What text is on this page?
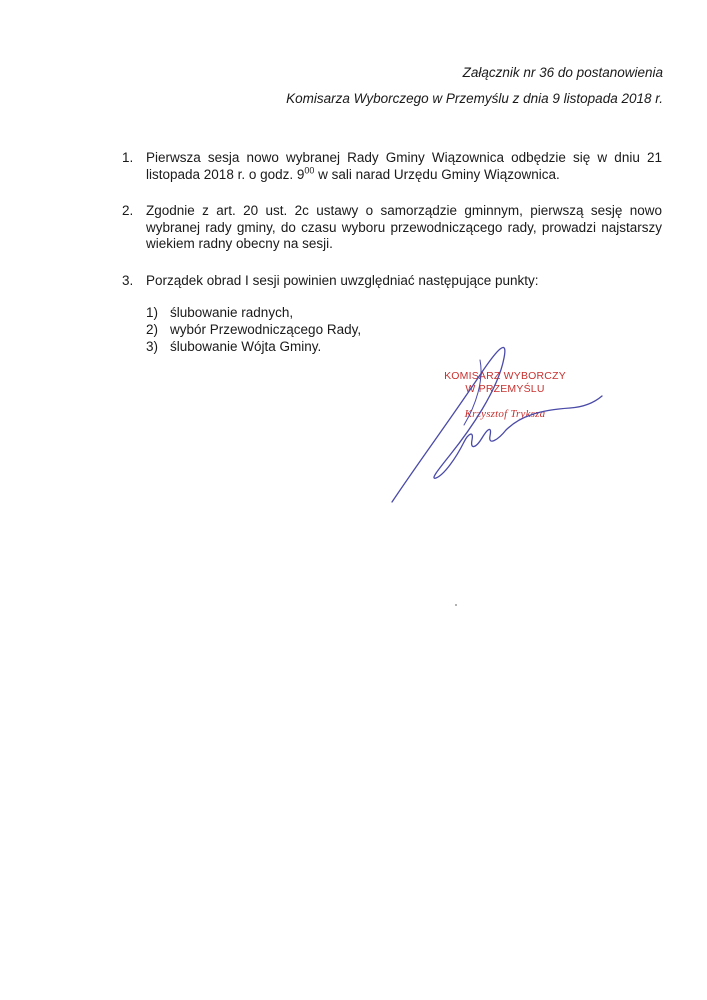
Załącznik nr 36 do postanowienia
Komisarza Wyborczego w Przemyślu z dnia 9 listopada 2018 r.
1. Pierwsza sesja nowo wybranej Rady Gminy Wiązownica odbędzie się w dniu 21 listopada 2018 r. o godz. $9^{00}$ w sali narad Urzędu Gminy Wiązownica.
2. Zgodnie z art. 20 ust. 2c ustawy o samorządzie gminnym, pierwszą sesję nowo wybranej rady gminy, do czasu wyboru przewodniczącego rady, prowadzi najstarszy wiekiem radny obecny na sesji.
3. Porządek obrad I sesji powinien uwzględniać następujące punkty:
1) ślubowanie radnych,
2) wybór Przewodniczącego Rady,
3) ślubowanie Wójta Gminy.
KOMISARZ WYBORCZY
W PRZEMYŚLU
Krzysztof Tryksza
